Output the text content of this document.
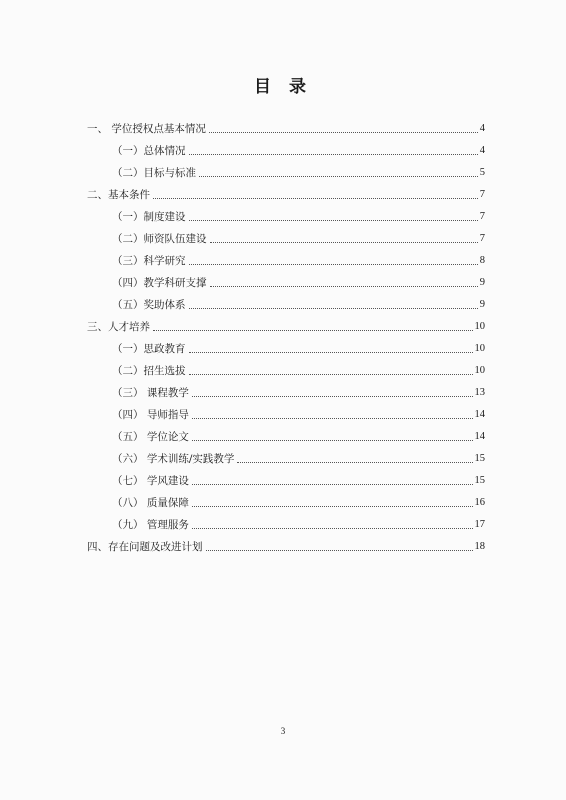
目 录
一、 学位授权点基本情况	4
（一）总体情况	4
（二）目标与标准	5
二、基本条件	7
（一）制度建设	7
（二）师资队伍建设	7
（三）科学研究	8
（四）教学科研支撑	9
（五）奖助体系	9
三、人才培养	10
（一）思政教育	10
（二）招生选拔	10
（三） 课程教学	13
（四） 导师指导	14
（五） 学位论文	14
（六） 学术训练/实践教学	15
（七） 学风建设	15
（八） 质量保障	16
（九） 管理服务	17
四、存在问题及改进计划	18
3
